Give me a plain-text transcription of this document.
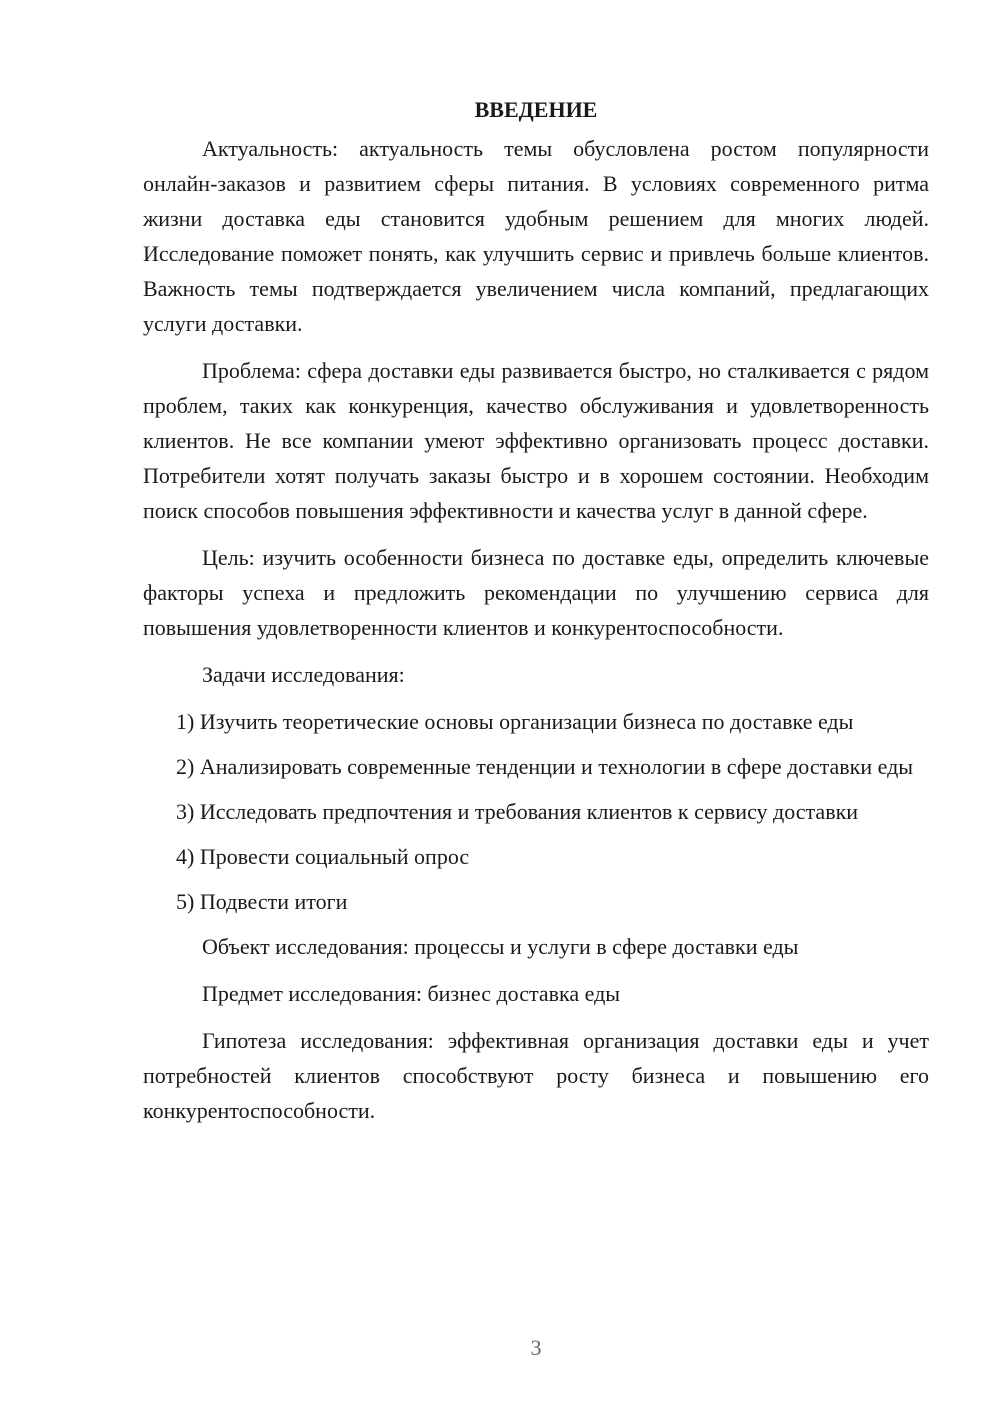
ВВЕДЕНИЕ

Актуальность: актуальность темы обусловлена ростом популярности онлайн-заказов и развитием сферы питания. В условиях современного ритма жизни доставка еды становится удобным решением для многих людей. Исследование поможет понять, как улучшить сервис и привлечь больше клиентов. Важность темы подтверждается увеличением числа компаний, предлагающих услуги доставки.

Проблема: сфера доставки еды развивается быстро, но сталкивается с рядом проблем, таких как конкуренция, качество обслуживания и удовлетворенность клиентов. Не все компании умеют эффективно организовать процесс доставки. Потребители хотят получать заказы быстро и в хорошем состоянии. Необходим поиск способов повышения эффективности и качества услуг в данной сфере.

Цель: изучить особенности бизнеса по доставке еды, определить ключевые факторы успеха и предложить рекомендации по улучшению сервиса для повышения удовлетворенности клиентов и конкурентоспособности.

Задачи исследования:

1) Изучить теоретические основы организации бизнеса по доставке еды

2) Анализировать современные тенденции и технологии в сфере доставки еды

3) Исследовать предпочтения и требования клиентов к сервису доставки

4) Провести социальный опрос

5) Подвести итоги

Объект исследования: процессы и услуги в сфере доставки еды

Предмет исследования: бизнес доставка еды

Гипотеза исследования: эффективная организация доставки еды и учет потребностей клиентов способствуют росту бизнеса и повышению его конкурентоспособности.

3
